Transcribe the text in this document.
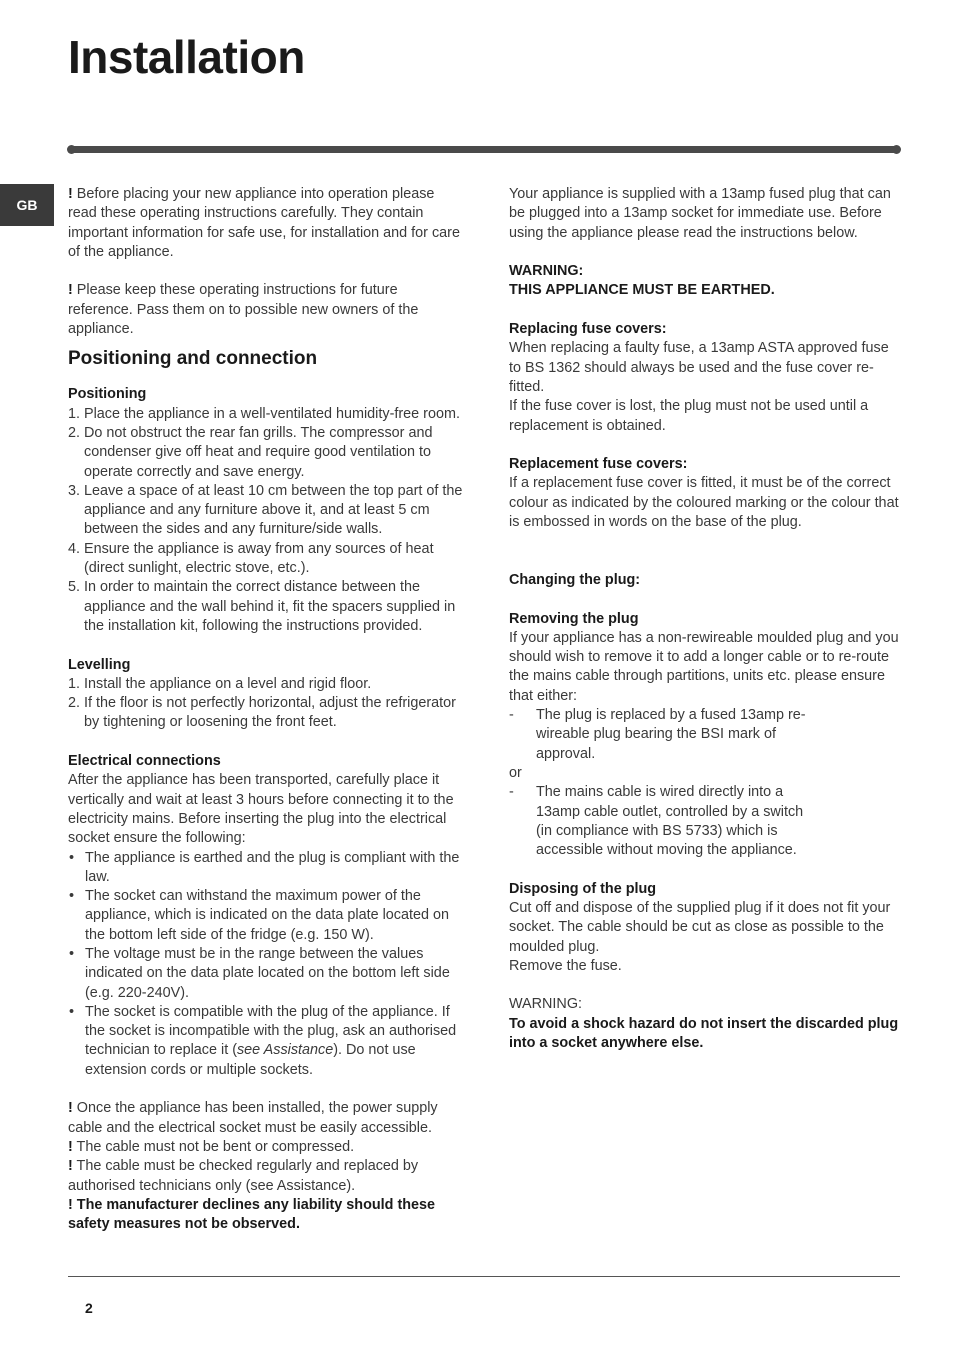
Installation
GB

! Before placing your new appliance into operation please read these operating instructions carefully. They contain important information for safe use, for installation and for care of the appliance.

! Please keep these operating instructions for future reference. Pass them on to possible new owners of the appliance.

Positioning and connection
Positioning
1. Place the appliance in a well-ventilated humidity-free room.
2. Do not obstruct the rear fan grills. The compressor and condenser give off heat and require good ventilation to operate correctly and save energy.
3. Leave a space of at least 10 cm between the top part of the appliance and any furniture above it, and at least 5 cm between the sides and any furniture/side walls.
4. Ensure the appliance is away from any sources of heat (direct sunlight, electric stove, etc.).
5. In order to maintain the correct distance between the appliance and the wall behind it, fit the spacers supplied in the installation kit, following the instructions provided.
Levelling
1. Install the appliance on a level and rigid floor.
2. If the floor is not perfectly horizontal, adjust the refrigerator by tightening or loosening the front feet.
Electrical connections

After the appliance has been transported, carefully place it vertically and wait at least 3 hours before connecting it to the electricity mains. Before inserting the plug into the electrical socket ensure the following:

• The appliance is earthed and the plug is compliant with the law.
• The socket can withstand the maximum power of the appliance, which is indicated on the data plate located on the bottom left side of the fridge (e.g. 150 W).
• The voltage must be in the range between the values indicated on the data plate located on the bottom left side (e.g. 220-240V).
• The socket is compatible with the plug of the appliance. If the socket is incompatible with the plug, ask an authorised technician to replace it (see Assistance). Do not use extension cords or multiple sockets.

! Once the appliance has been installed, the power supply cable and the electrical socket must be easily accessible.

! The cable must not be bent or compressed.

! The cable must be checked regularly and replaced by authorised technicians only (see Assistance).

! The manufacturer declines any liability should these safety measures not be observed.

Your appliance is supplied with a 13amp fused plug that can be plugged into a 13amp socket for immediate use. Before using the appliance please read the instructions below.

WARNING:
THIS APPLIANCE MUST BE EARTHED.
Replacing fuse covers:

When replacing a faulty fuse, a 13amp ASTA approved fuse to BS 1362 should always be used and the fuse cover re-fitted.

If the fuse cover is lost, the plug must not be used until a replacement is obtained.

Replacement fuse covers:

If a replacement fuse cover is fitted, it must be of the correct colour as indicated by the coloured marking or the colour that is embossed in words on the base of the plug.

Changing the plug:
Removing the plug

If your appliance has a non-rewireable moulded plug and you should wish to remove it to add a longer cable or to re-route the mains cable through partitions, units etc. please ensure that either:

- The plug is replaced by a fused 13amp re-wireable plug bearing the BSI mark of approval.

or

- The mains cable is wired directly into a 13amp cable outlet, controlled by a switch (in compliance with BS 5733) which is accessible without moving the appliance.
Disposing of the plug

Cut off and dispose of the supplied plug if it does not fit your socket. The cable should be cut as close as possible to the moulded plug.

Remove the fuse.

WARNING:

To avoid a shock hazard do not insert the discarded plug into a socket anywhere else.

2
